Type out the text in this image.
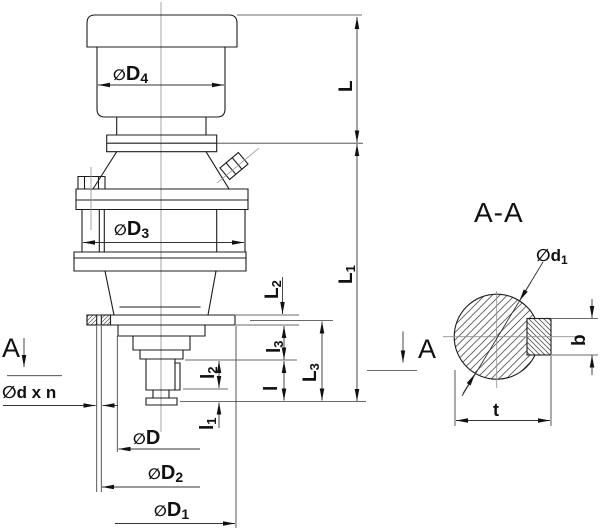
∅D4
∅D3
∅D
∅D2
∅D1
∅d x n
L
L1
L2
l3
l
L3
l2
l1
A	A
A-A
∅d1
t
b
